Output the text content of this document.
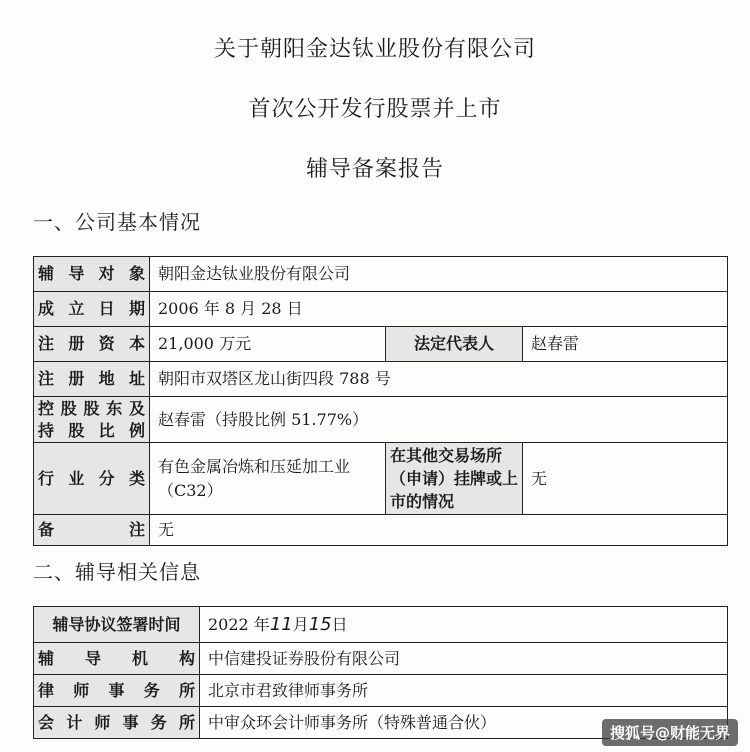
关于朝阳金达钛业股份有限公司
首次公开发行股票并上市
辅导备案报告
一、公司基本情况
辅导对象	朝阳金达钛业股份有限公司		

成立日期	2006 年 8 月 28 日		

注册资本	21,000 万元	法定代表人	赵春雷

注册地址	朝阳市双塔区龙山街四段 788 号		

控股股东及
持股比例	赵春雷（持股比例 51.77%）		

行业分类	有色金属冶炼和压延加工业（C32）	在其他交易场所（申请）挂牌或上市的情况	无

备注	无		
二、辅导相关信息
辅导协议签署时间	2022 年11月15日

辅导机构	中信建投证券股份有限公司

律师事务所	北京市君致律师事务所

会计师事务所	中审众环会计师事务所（特殊普通合伙）
搜狐号@财能无界
